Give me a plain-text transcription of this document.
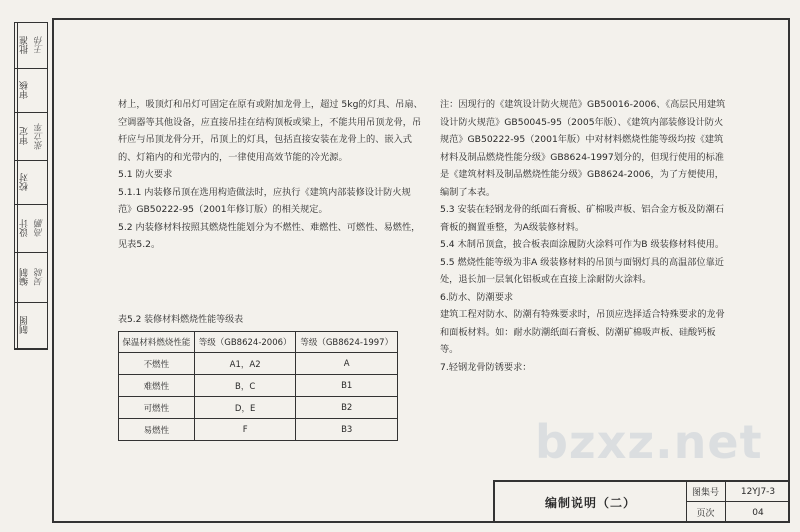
批准 王伟
审核
审定 张立军
校对
设计 高鹏
编制 吴晓
制图

材上，吸顶灯和吊灯可固定在原有或附加龙骨上，超过 5kg的灯具、吊扇、空调器等其他设备，应直接吊挂在结构顶板或梁上，不能共用吊顶龙骨，吊杆应与吊顶龙骨分开，吊顶上的灯具，包括直接安装在龙骨上的、嵌入式的、灯箱内的和光带内的，一律使用高效节能的冷光源。

5.1 防火要求

5.1.1 内装修吊顶在选用构造做法时，应执行《建筑内部装修设计防火规范》GB50222-95（2001年修订版）的相关规定。

5.2 内装修材料按照其燃烧性能划分为不燃性、难燃性、可燃性、易燃性，见表5.2。

表5.2 装修材料燃烧性能等级表
保温材料燃烧性能	等级（GB8624-2006）	等级（GB8624-1997）
不燃性	A1，A2	A
难燃性	B，C	B1
可燃性	D，E	B2
易燃性	F	B3

注：因现行的《建筑设计防火规范》GB50016-2006、《高层民用建筑设计防火规范》GB50045-95（2005年版）、《建筑内部装修设计防火规范》GB50222-95（2001年版）中对材料燃烧性能等级均按《建筑材料及制品燃烧性能分级》GB8624-1997划分的，但现行使用的标准是《建筑材料及制品燃烧性能分级》GB8624-2006，为了方便使用，编制了本表。

5.3 安装在轻钢龙骨的纸面石膏板、矿棉吸声板、铝合金方板及防潮石膏板的搁置垂整，为A级装修材料。

5.4 木制吊顶盒，披合板表面涂履防火涂料可作为B 级装修材料使用。

5.5 燃烧性能等级为非A 级装修材料的吊顶与面钢灯具的高温部位靠近处，退长加一层氧化铝板或在直接上涂耐防火涂料。

6.防水、防潮要求

建筑工程对防水、防潮有特殊要求时，吊顶应选择适合特殊要求的龙骨和面板材料。如：耐水防潮纸面石膏板、防潮矿棉吸声板、硅酸钙板等。

7.轻钢龙骨防锈要求：

bzxz.net
编制说明（二）
图集号	12YJ7-3
页次	04
